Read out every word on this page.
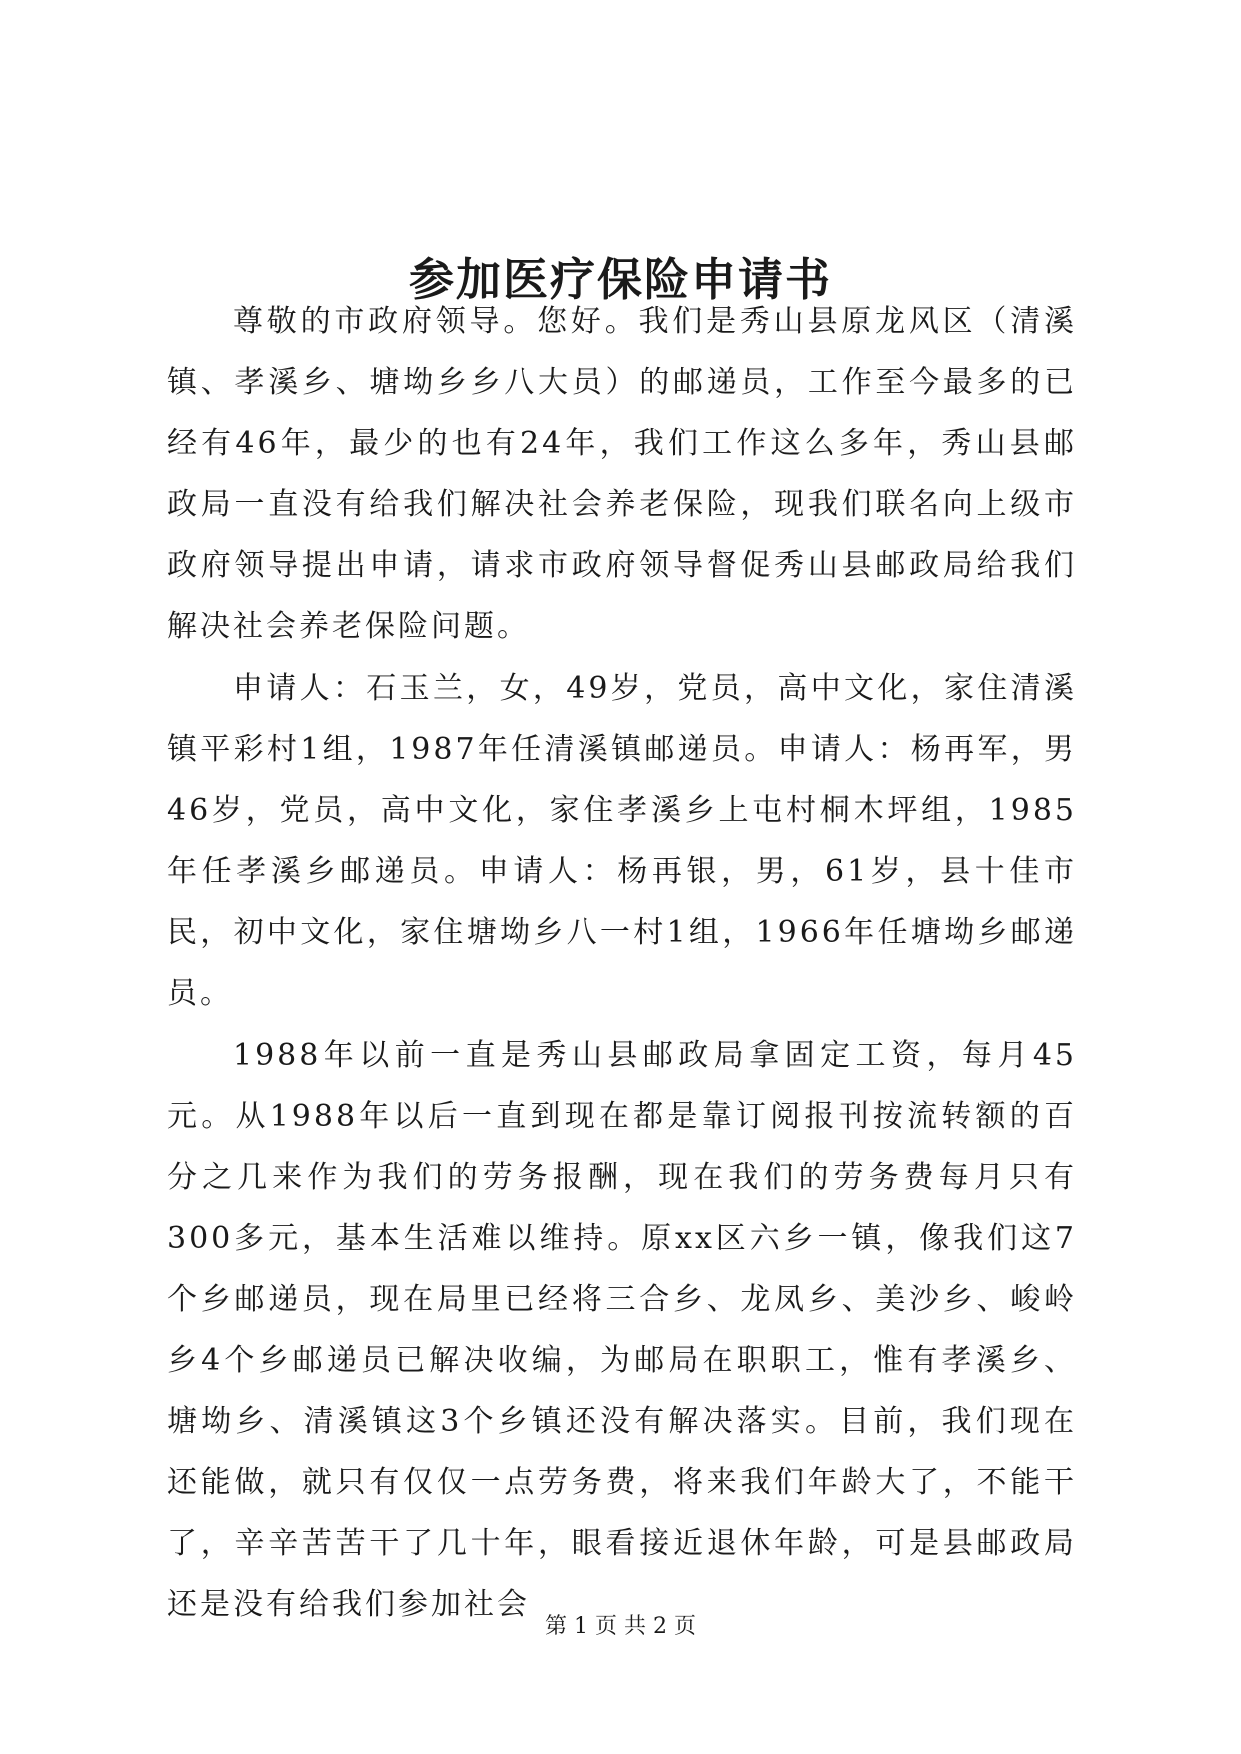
参加医疗保险申请书

尊敬的市政府领导。您好。我们是秀山县原龙风区（清溪镇、孝溪乡、塘坳乡乡八大员）的邮递员，工作至今最多的已经有46年，最少的也有24年，我们工作这么多年，秀山县邮政局一直没有给我们解决社会养老保险，现我们联名向上级市政府领导提出申请，请求市政府领导督促秀山县邮政局给我们解决社会养老保险问题。

申请人：石玉兰，女，49岁，党员，高中文化，家住清溪镇平彩村1组，1987年任清溪镇邮递员。申请人：杨再军，男46岁，党员，高中文化，家住孝溪乡上屯村桐木坪组，1985年任孝溪乡邮递员。申请人：杨再银，男，61岁，县十佳市民，初中文化，家住塘坳乡八一村1组，1966年任塘坳乡邮递员。

1988年以前一直是秀山县邮政局拿固定工资，每月45元。从1988年以后一直到现在都是靠订阅报刊按流转额的百分之几来作为我们的劳务报酬，现在我们的劳务费每月只有300多元，基本生活难以维持。原xx区六乡一镇，像我们这7个乡邮递员，现在局里已经将三合乡、龙凤乡、美沙乡、峻岭乡4个乡邮递员已解决收编，为邮局在职职工，惟有孝溪乡、塘坳乡、清溪镇这3个乡镇还没有解决落实。目前，我们现在还能做，就只有仅仅一点劳务费，将来我们年龄大了，不能干了，辛辛苦苦干了几十年，眼看接近退休年龄，可是县邮政局还是没有给我们参加社会

第 1 页 共 2 页
